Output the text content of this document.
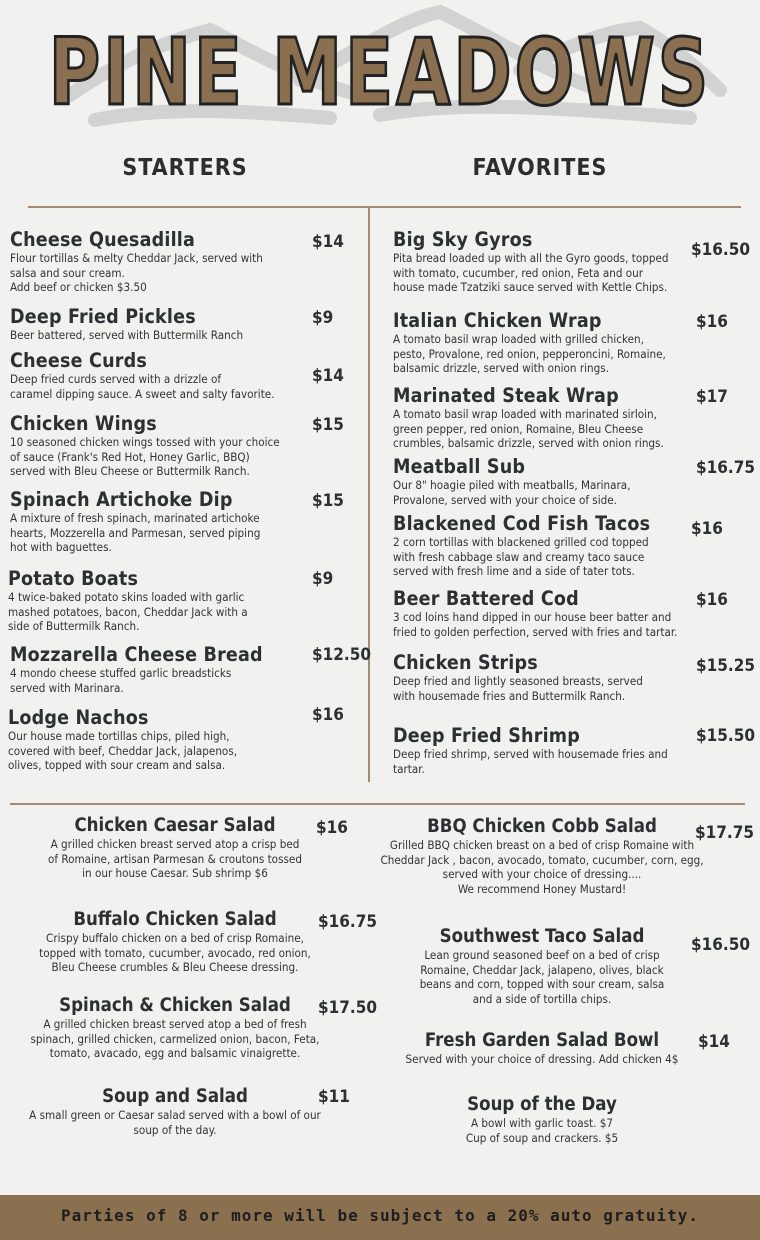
PINE MEADOWS
STARTERS	FAVORITES
Cheese Quesadilla
Flour tortillas & melty Cheddar Jack, served with
salsa and sour cream.
Add beef or chicken $3.50
$14
Deep Fried Pickles
Beer battered, served with Buttermilk Ranch
$9
Cheese Curds
Deep fried curds served with a drizzle of
caramel dipping sauce. A sweet and salty favorite.
$14
Chicken Wings
10 seasoned chicken wings tossed with your choice
of sauce (Frank's Red Hot, Honey Garlic, BBQ)
served with Bleu Cheese or Buttermilk Ranch.
$15
Spinach Artichoke Dip
A mixture of fresh spinach, marinated artichoke
hearts, Mozzerella and Parmesan, served piping
hot with baguettes.
$15
Potato Boats
4 twice-baked potato skins loaded with garlic
mashed potatoes, bacon, Cheddar Jack with a
side of Buttermilk Ranch.
$9
Mozzarella Cheese Bread
4 mondo cheese stuffed garlic breadsticks
served with Marinara.
$12.50
Lodge Nachos
Our house made tortillas chips, piled high,
covered with beef, Cheddar Jack, jalapenos,
olives, topped with sour cream and salsa.
$16
Big Sky Gyros
Pita bread loaded up with all the Gyro goods, topped
with tomato, cucumber, red onion, Feta and our
house made Tzatziki sauce served with Kettle Chips.
$16.50
Italian Chicken Wrap
A tomato basil wrap loaded with grilled chicken,
pesto, Provalone, red onion, pepperoncini, Romaine,
balsamic drizzle, served with onion rings.
$16
Marinated Steak Wrap
A tomato basil wrap loaded with marinated sirloin,
green pepper, red onion, Romaine, Bleu Cheese
crumbles, balsamic drizzle, served with onion rings.
$17
Meatball Sub
Our 8" hoagie piled with meatballs, Marinara,
Provalone, served with your choice of side.
$16.75
Blackened Cod Fish Tacos
2 corn tortillas with blackened grilled cod topped
with fresh cabbage slaw and creamy taco sauce
served with fresh lime and a side of tater tots.
$16
Beer Battered Cod
3 cod loins hand dipped in our house beer batter and
fried to golden perfection, served with fries and tartar.
$16
Chicken Strips
Deep fried and lightly seasoned breasts, served
with housemade fries and Buttermilk Ranch.
$15.25
Deep Fried Shrimp
Deep fried shrimp, served with housemade fries and
tartar.
$15.50
Chicken Caesar Salad
A grilled chicken breast served atop a crisp bed
of Romaine, artisan Parmesan & croutons tossed
in our house Caesar. Sub shrimp $6
$16
Buffalo Chicken Salad
Crispy buffalo chicken on a bed of crisp Romaine,
topped with tomato, cucumber, avocado, red onion,
Bleu Cheese crumbles & Bleu Cheese dressing.
$16.75
Spinach & Chicken Salad
A grilled chicken breast served atop a bed of fresh
spinach, grilled chicken, carmelized onion, bacon, Feta,
tomato, avacado, egg and balsamic vinaigrette.
$17.50
Soup and Salad
A small green or Caesar salad served with a bowl of our
soup of the day.
$11
BBQ Chicken Cobb Salad
Grilled BBQ chicken breast on a bed of crisp Romaine with
Cheddar Jack , bacon, avocado, tomato, cucumber, corn, egg,
served with your choice of dressing....
We recommend Honey Mustard!
$17.75
Southwest Taco Salad
Lean ground seasoned beef on a bed of crisp
Romaine, Cheddar Jack, jalapeno, olives, black
beans and corn, topped with sour cream, salsa
and a side of tortilla chips.
$16.50
Fresh Garden Salad Bowl
Served with your choice of dressing. Add chicken 4$
$14
Soup of the Day
A bowl with garlic toast. $7
Cup of soup and crackers. $5
Parties of 8 or more will be subject to a 20% auto gratuity.
